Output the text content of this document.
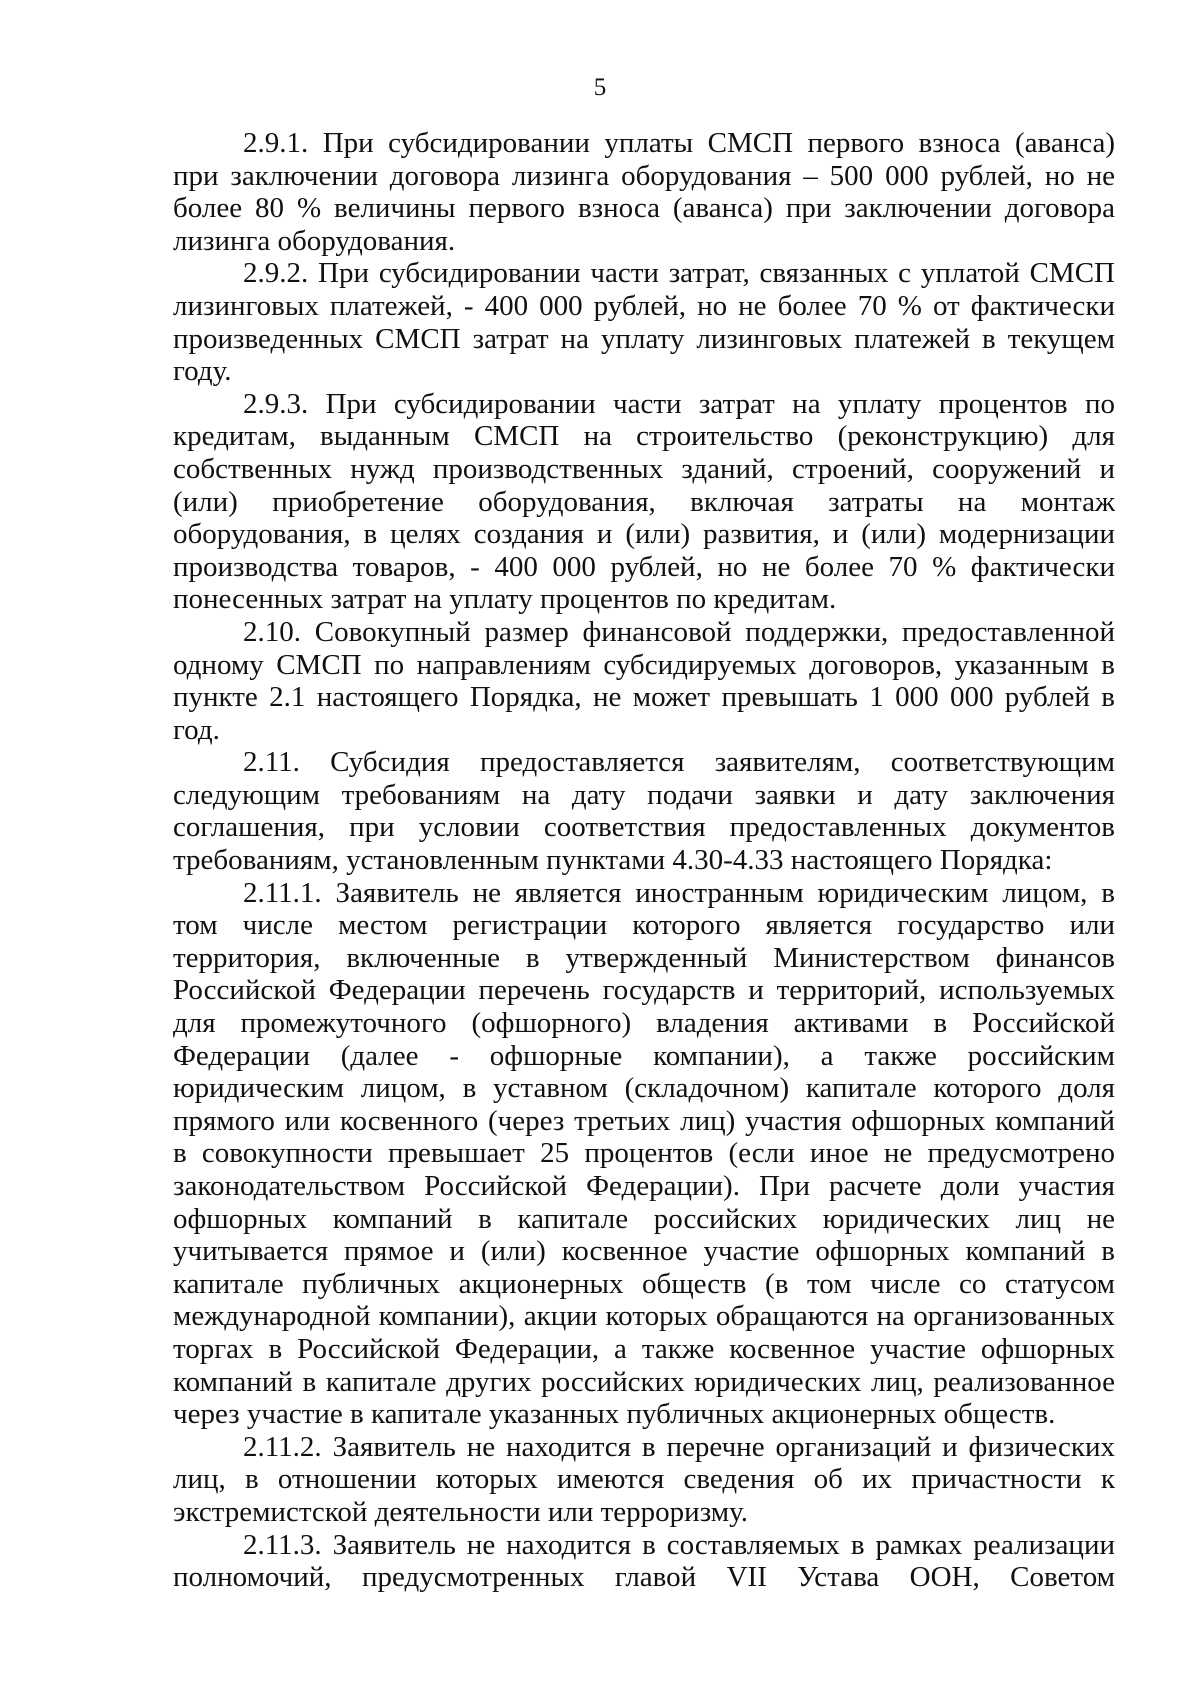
5

2.9.1. При субсидировании уплаты СМСП первого взноса (аванса) при заключении договора лизинга оборудования – 500 000 рублей, но не более 80 % величины первого взноса (аванса) при заключении договора лизинга оборудования.

2.9.2. При субсидировании части затрат, связанных с уплатой СМСП лизинговых платежей, - 400 000 рублей, но не более 70 % от фактически произведенных СМСП затрат на уплату лизинговых платежей в текущем году.

2.9.3. При субсидировании части затрат на уплату процентов по кредитам, выданным СМСП на строительство (реконструкцию) для собственных нужд производственных зданий, строений, сооружений и (или) приобретение оборудования, включая затраты на монтаж оборудования, в целях создания и (или) развития, и (или) модернизации производства товаров, - 400 000 рублей, но не более 70 % фактически понесенных затрат на уплату процентов по кредитам.

2.10. Совокупный размер финансовой поддержки, предоставленной одному СМСП по направлениям субсидируемых договоров, указанным в пункте 2.1 настоящего Порядка, не может превышать 1 000 000 рублей в год.

2.11. Субсидия предоставляется заявителям, соответствующим следующим требованиям на дату подачи заявки и дату заключения соглашения, при условии соответствия предоставленных документов требованиям, установленным пунктами 4.30-4.33 настоящего Порядка:

2.11.1. Заявитель не является иностранным юридическим лицом, в том числе местом регистрации которого является государство или территория, включенные в утвержденный Министерством финансов Российской Федерации перечень государств и территорий, используемых для промежуточного (офшорного) владения активами в Российской Федерации (далее - офшорные компании), а также российским юридическим лицом, в уставном (складочном) капитале которого доля прямого или косвенного (через третьих лиц) участия офшорных компаний в совокупности превышает 25 процентов (если иное не предусмотрено законодательством Российской Федерации). При расчете доли участия офшорных компаний в капитале российских юридических лиц не учитывается прямое и (или) косвенное участие офшорных компаний в капитале публичных акционерных обществ (в том числе со статусом международной компании), акции которых обращаются на организованных торгах в Российской Федерации, а также косвенное участие офшорных компаний в капитале других российских юридических лиц, реализованное через участие в капитале указанных публичных акционерных обществ.

2.11.2. Заявитель не находится в перечне организаций и физических лиц, в отношении которых имеются сведения об их причастности к экстремистской деятельности или терроризму.

2.11.3. Заявитель не находится в составляемых в рамках реализации полномочий, предусмотренных главой VII Устава ООН, Советом
